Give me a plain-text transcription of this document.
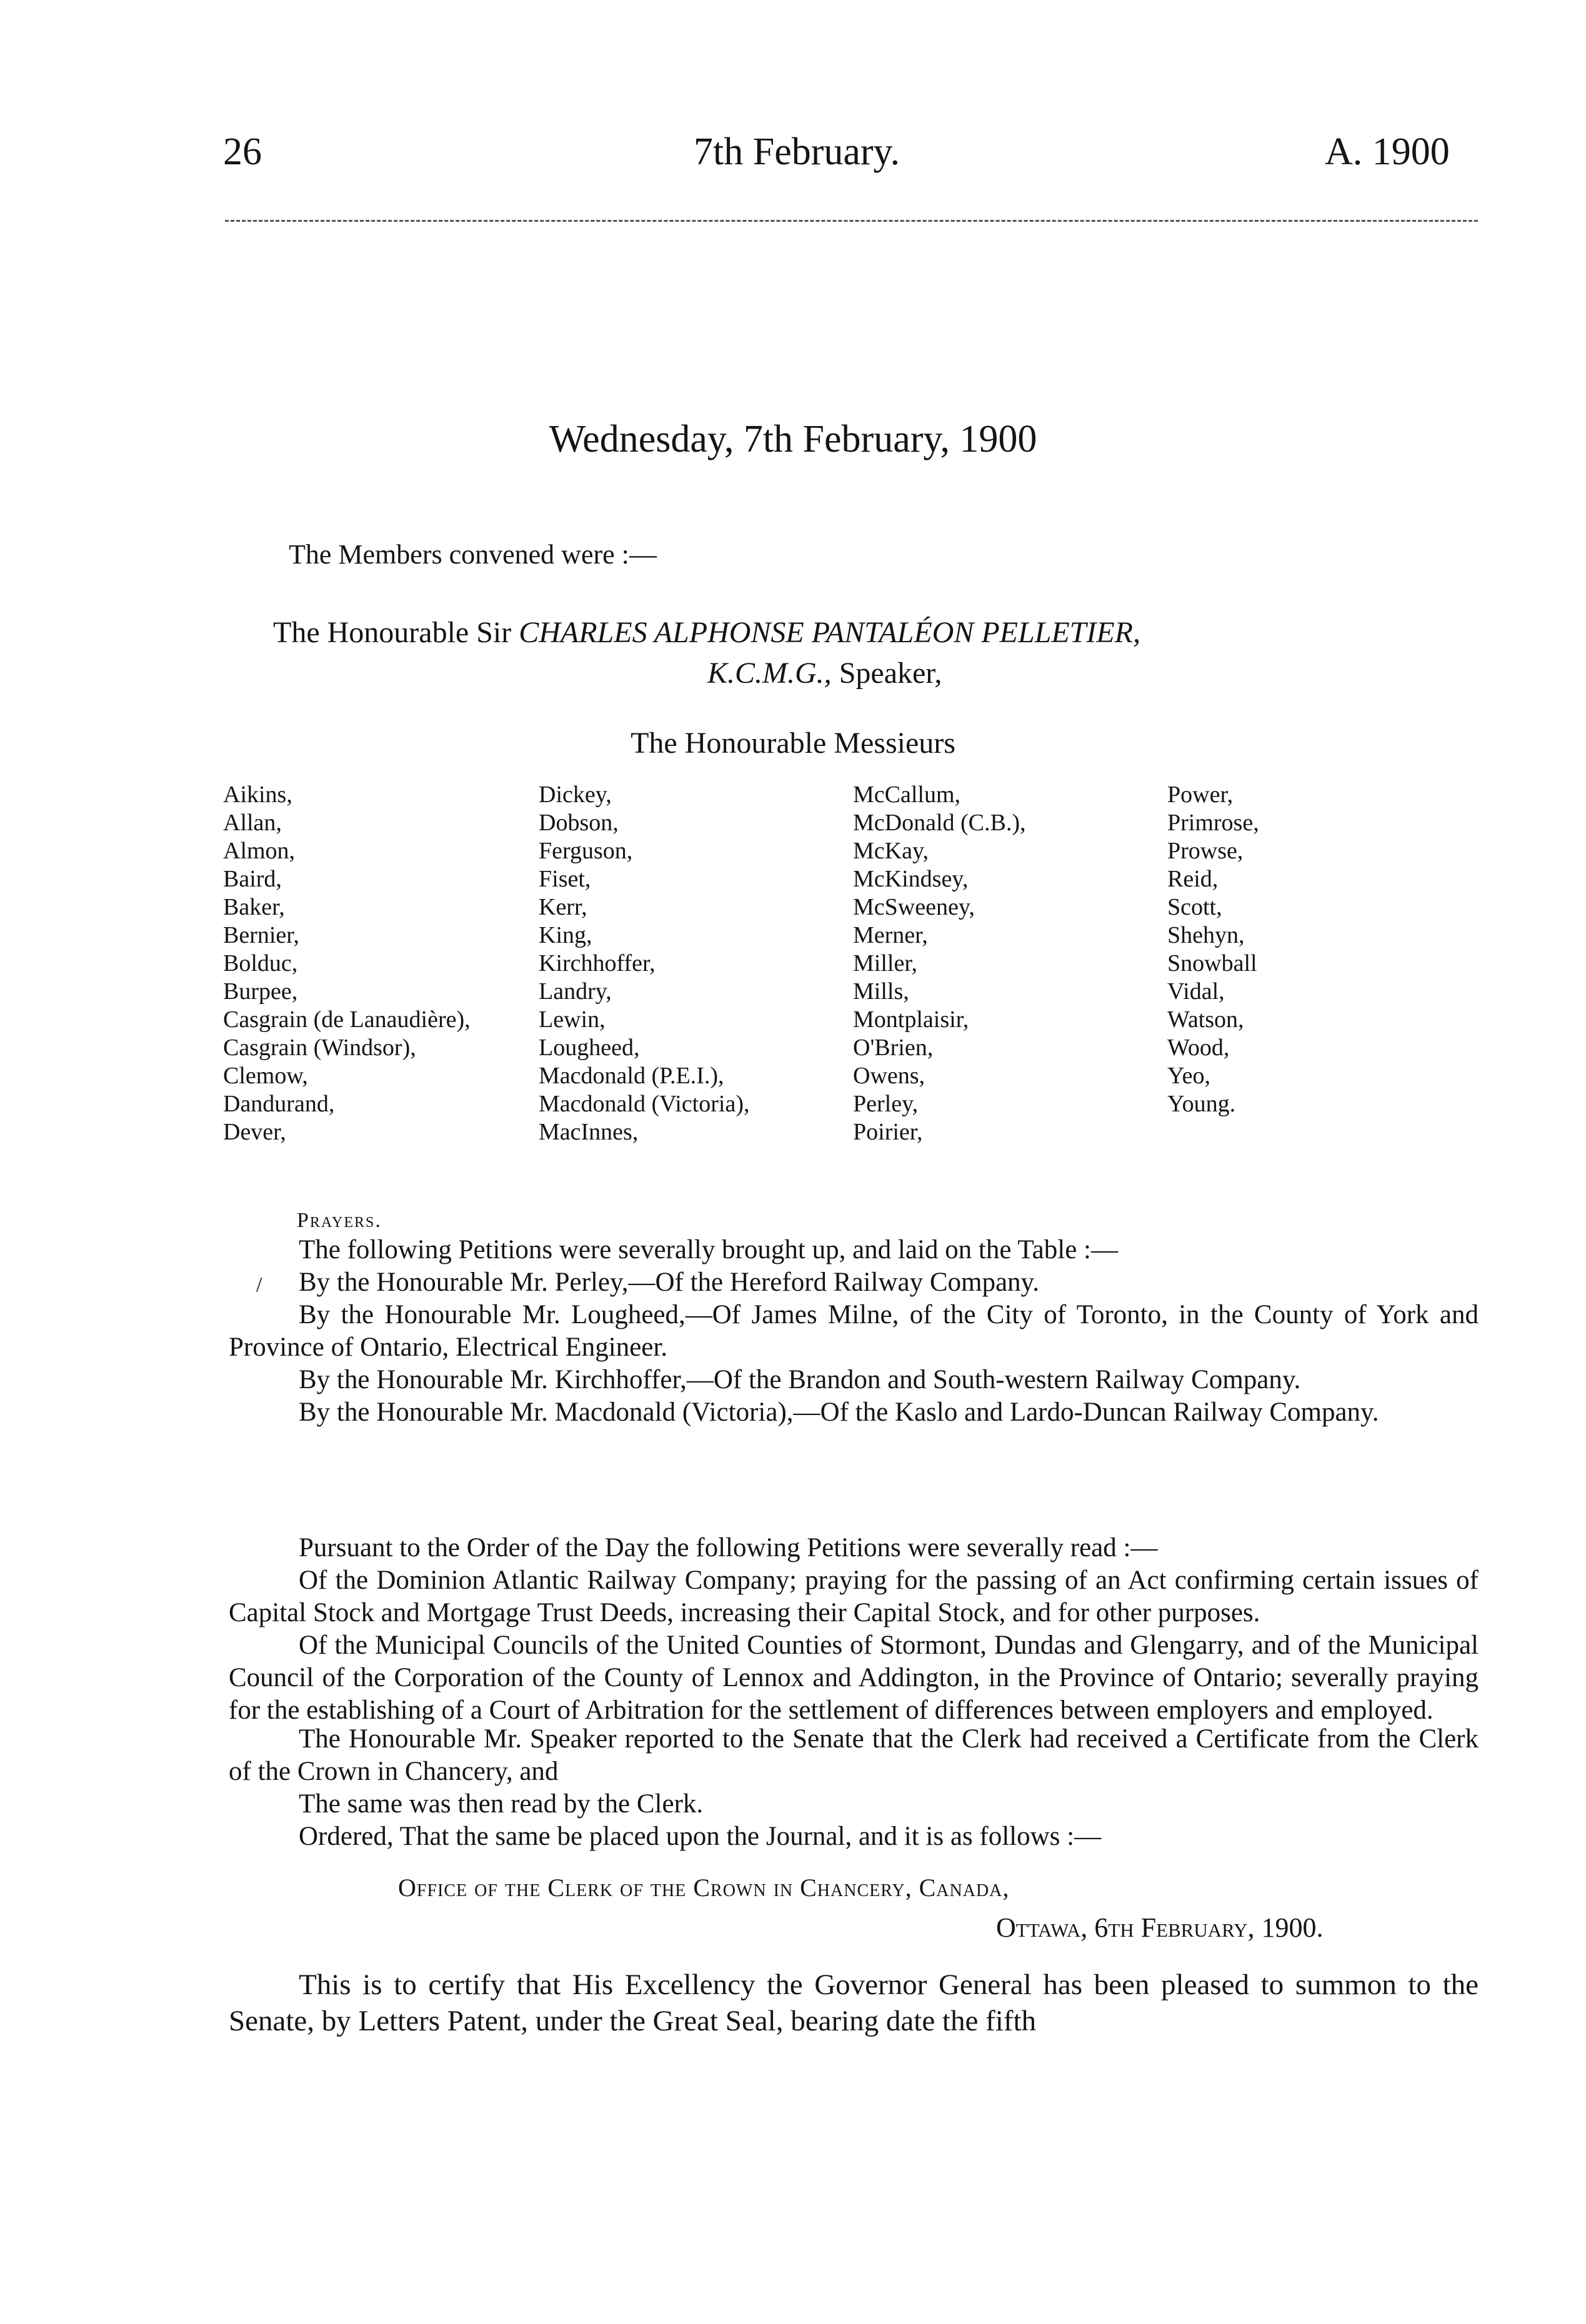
26	7th February.	A. 1900
Wednesday, 7th February, 1900
The Members convened were :—
The Honourable Sir CHARLES ALPHONSE PANTALÉON PELLETIER,
K.C.M.G., Speaker,
The Honourable Messieurs
Aikins,
Allan,
Almon,
Baird,
Baker,
Bernier,
Bolduc,
Burpee,
Casgrain (de Lanaudière),
Casgrain (Windsor),
Clemow,
Dandurand,
Dever,
Dickey,
Dobson,
Ferguson,
Fiset,
Kerr,
King,
Kirchhoffer,
Landry,
Lewin,
Lougheed,
Macdonald (P.E.I.),
Macdonald (Victoria),
MacInnes,
McCallum,
McDonald (C.B.),
McKay,
McKindsey,
McSweeney,
Merner,
Miller,
Mills,
Montplaisir,
O'Brien,
Owens,
Perley,
Poirier,
Power,
Primrose,
Prowse,
Reid,
Scott,
Shehyn,
Snowball
Vidal,
Watson,
Wood,
Yeo,
Young.
Prayers.
/

The following Petitions were severally brought up, and laid on the Table :—

By the Honourable Mr. Perley,—Of the Hereford Railway Company.

By the Honourable Mr. Lougheed,—Of James Milne, of the City of Toronto, in the County of York and Province of Ontario, Electrical Engineer.

By the Honourable Mr. Kirchhoffer,—Of the Brandon and South-western Railway Company.

By the Honourable Mr. Macdonald (Victoria),—Of the Kaslo and Lardo-Duncan Railway Company.

Pursuant to the Order of the Day the following Petitions were severally read :—

Of the Dominion Atlantic Railway Company; praying for the passing of an Act confirming certain issues of Capital Stock and Mortgage Trust Deeds, increasing their Capital Stock, and for other purposes.

Of the Municipal Councils of the United Counties of Stormont, Dundas and Glengarry, and of the Municipal Council of the Corporation of the County of Lennox and Addington, in the Province of Ontario; severally praying for the establishing of a Court of Arbitration for the settlement of differences between employers and employed.

The Honourable Mr. Speaker reported to the Senate that the Clerk had received a Certificate from the Clerk of the Crown in Chancery, and

The same was then read by the Clerk.

Ordered, That the same be placed upon the Journal, and it is as follows :—

Office of the Clerk of the Crown in Chancery, Canada,
Ottawa, 6th February, 1900.

This is to certify that His Excellency the Governor General has been pleased to summon to the Senate, by Letters Patent, under the Great Seal, bearing date the fifth
